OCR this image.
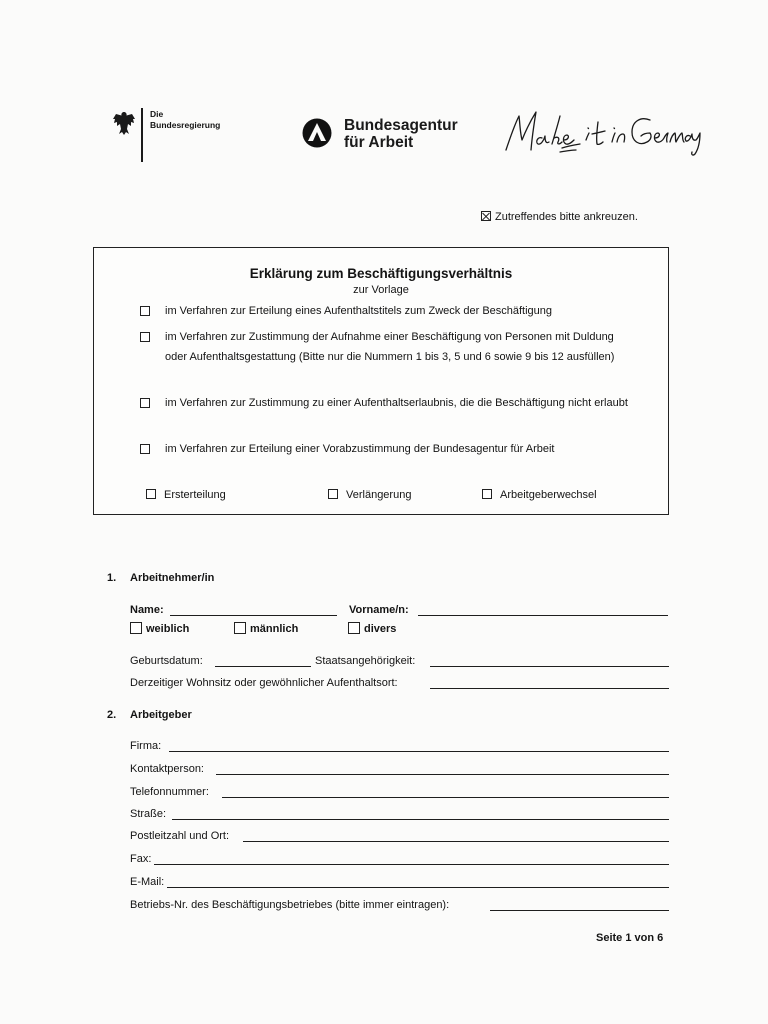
Die
Bundesregierung	Bundesagentur
für Arbeit
Zutreffendes bitte ankreuzen.
Erklärung zum Beschäftigungsverhältnis
zur Vorlage
im Verfahren zur Erteilung eines Aufenthaltstitels zum Zweck der Beschäftigung
im Verfahren zur Zustimmung der Aufnahme einer Beschäftigung von Personen mit Duldung oder Aufenthaltsgestattung (Bitte nur die Nummern 1 bis 3, 5 und 6 sowie 9 bis 12 ausfüllen)
im Verfahren zur Zustimmung zu einer Aufenthaltserlaubnis, die die Beschäftigung nicht erlaubt
im Verfahren zur Erteilung einer Vorabzustimmung der Bundesagentur für Arbeit
Ersterteilung	Verlängerung	Arbeitgeberwechsel
1. Arbeitnehmer/in
Name:	Vorname/n:
weiblich	männlich	divers
Geburtsdatum:	Staatsangehörigkeit:
Derzeitiger Wohnsitz oder gewöhnlicher Aufenthaltsort:
2. Arbeitgeber
Firma:
Kontaktperson:
Telefonnummer:
Straße:
Postleitzahl und Ort:
Fax:
E-Mail:
Betriebs-Nr. des Beschäftigungsbetriebes (bitte immer eintragen):
Seite 1 von 6
